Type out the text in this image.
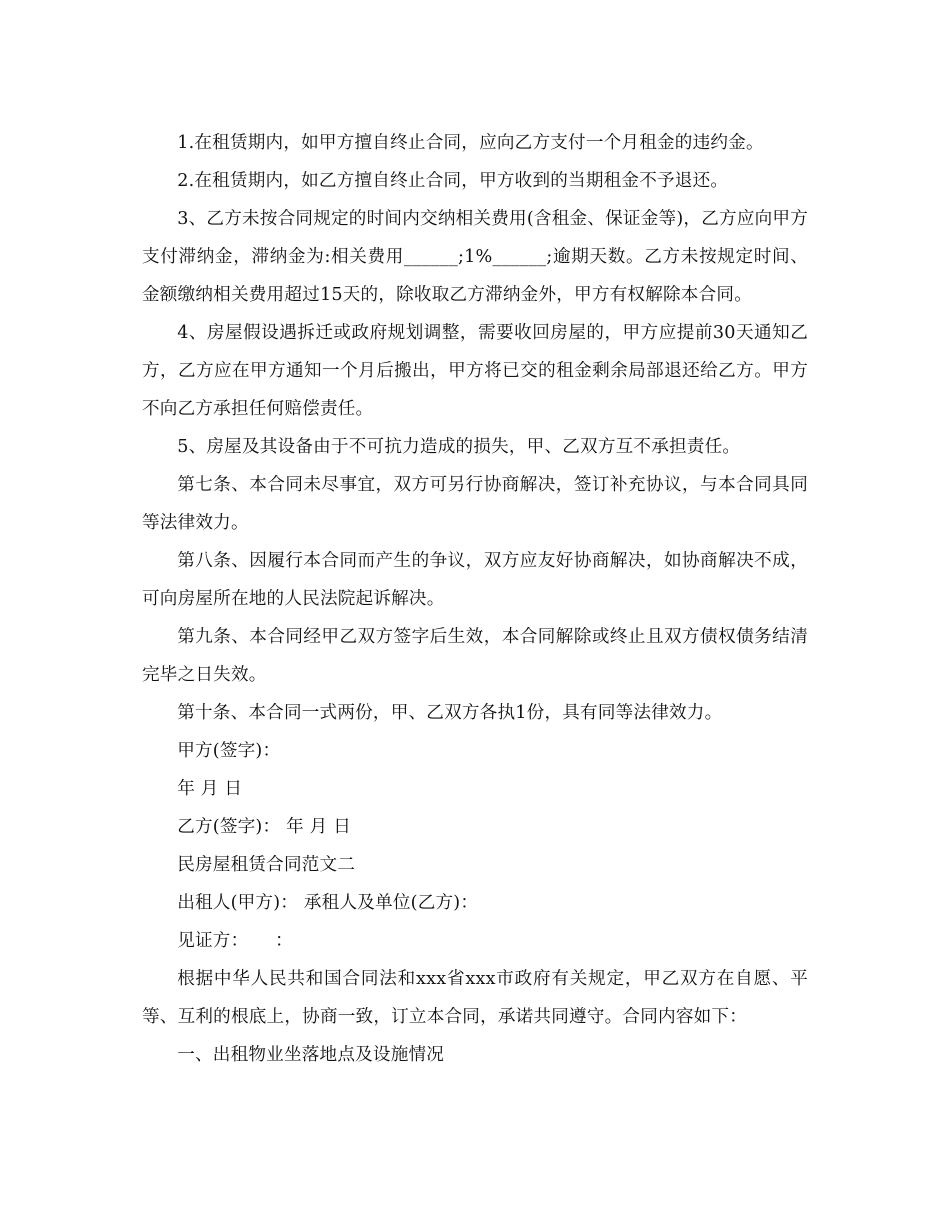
1.在租赁期内，如甲方擅自终止合同，应向乙方支付一个月租金的违约金。

2.在租赁期内，如乙方擅自终止合同，甲方收到的当期租金不予退还。

3、乙方未按合同规定的时间内交纳相关费用(含租金、保证金等)，乙方应向甲方支付滞纳金，滞纳金为:相关费用______;1%______;逾期天数。乙方未按规定时间、金额缴纳相关费用超过15天的，除收取乙方滞纳金外，甲方有权解除本合同。

4、房屋假设遇拆迁或政府规划调整，需要收回房屋的，甲方应提前30天通知乙方，乙方应在甲方通知一个月后搬出，甲方将已交的租金剩余局部退还给乙方。甲方不向乙方承担任何赔偿责任。

5、房屋及其设备由于不可抗力造成的损失，甲、乙双方互不承担责任。

第七条、本合同未尽事宜，双方可另行协商解决，签订补充协议，与本合同具同等法律效力。

第八条、因履行本合同而产生的争议，双方应友好协商解决，如协商解决不成，可向房屋所在地的人民法院起诉解决。

第九条、本合同经甲乙双方签字后生效，本合同解除或终止且双方债权债务结清完毕之日失效。

第十条、本合同一式两份，甲、乙双方各执1份，具有同等法律效力。

甲方(签字)：

年 月 日

乙方(签字)： 年 月 日

民房屋租赁合同范文二

出租人(甲方)： 承租人及单位(乙方)：

见证方：　　：

根据中华人民共和国合同法和xxx省xxx市政府有关规定，甲乙双方在自愿、平等、互利的根底上，协商一致，订立本合同，承诺共同遵守。合同内容如下：

一、出租物业坐落地点及设施情况
